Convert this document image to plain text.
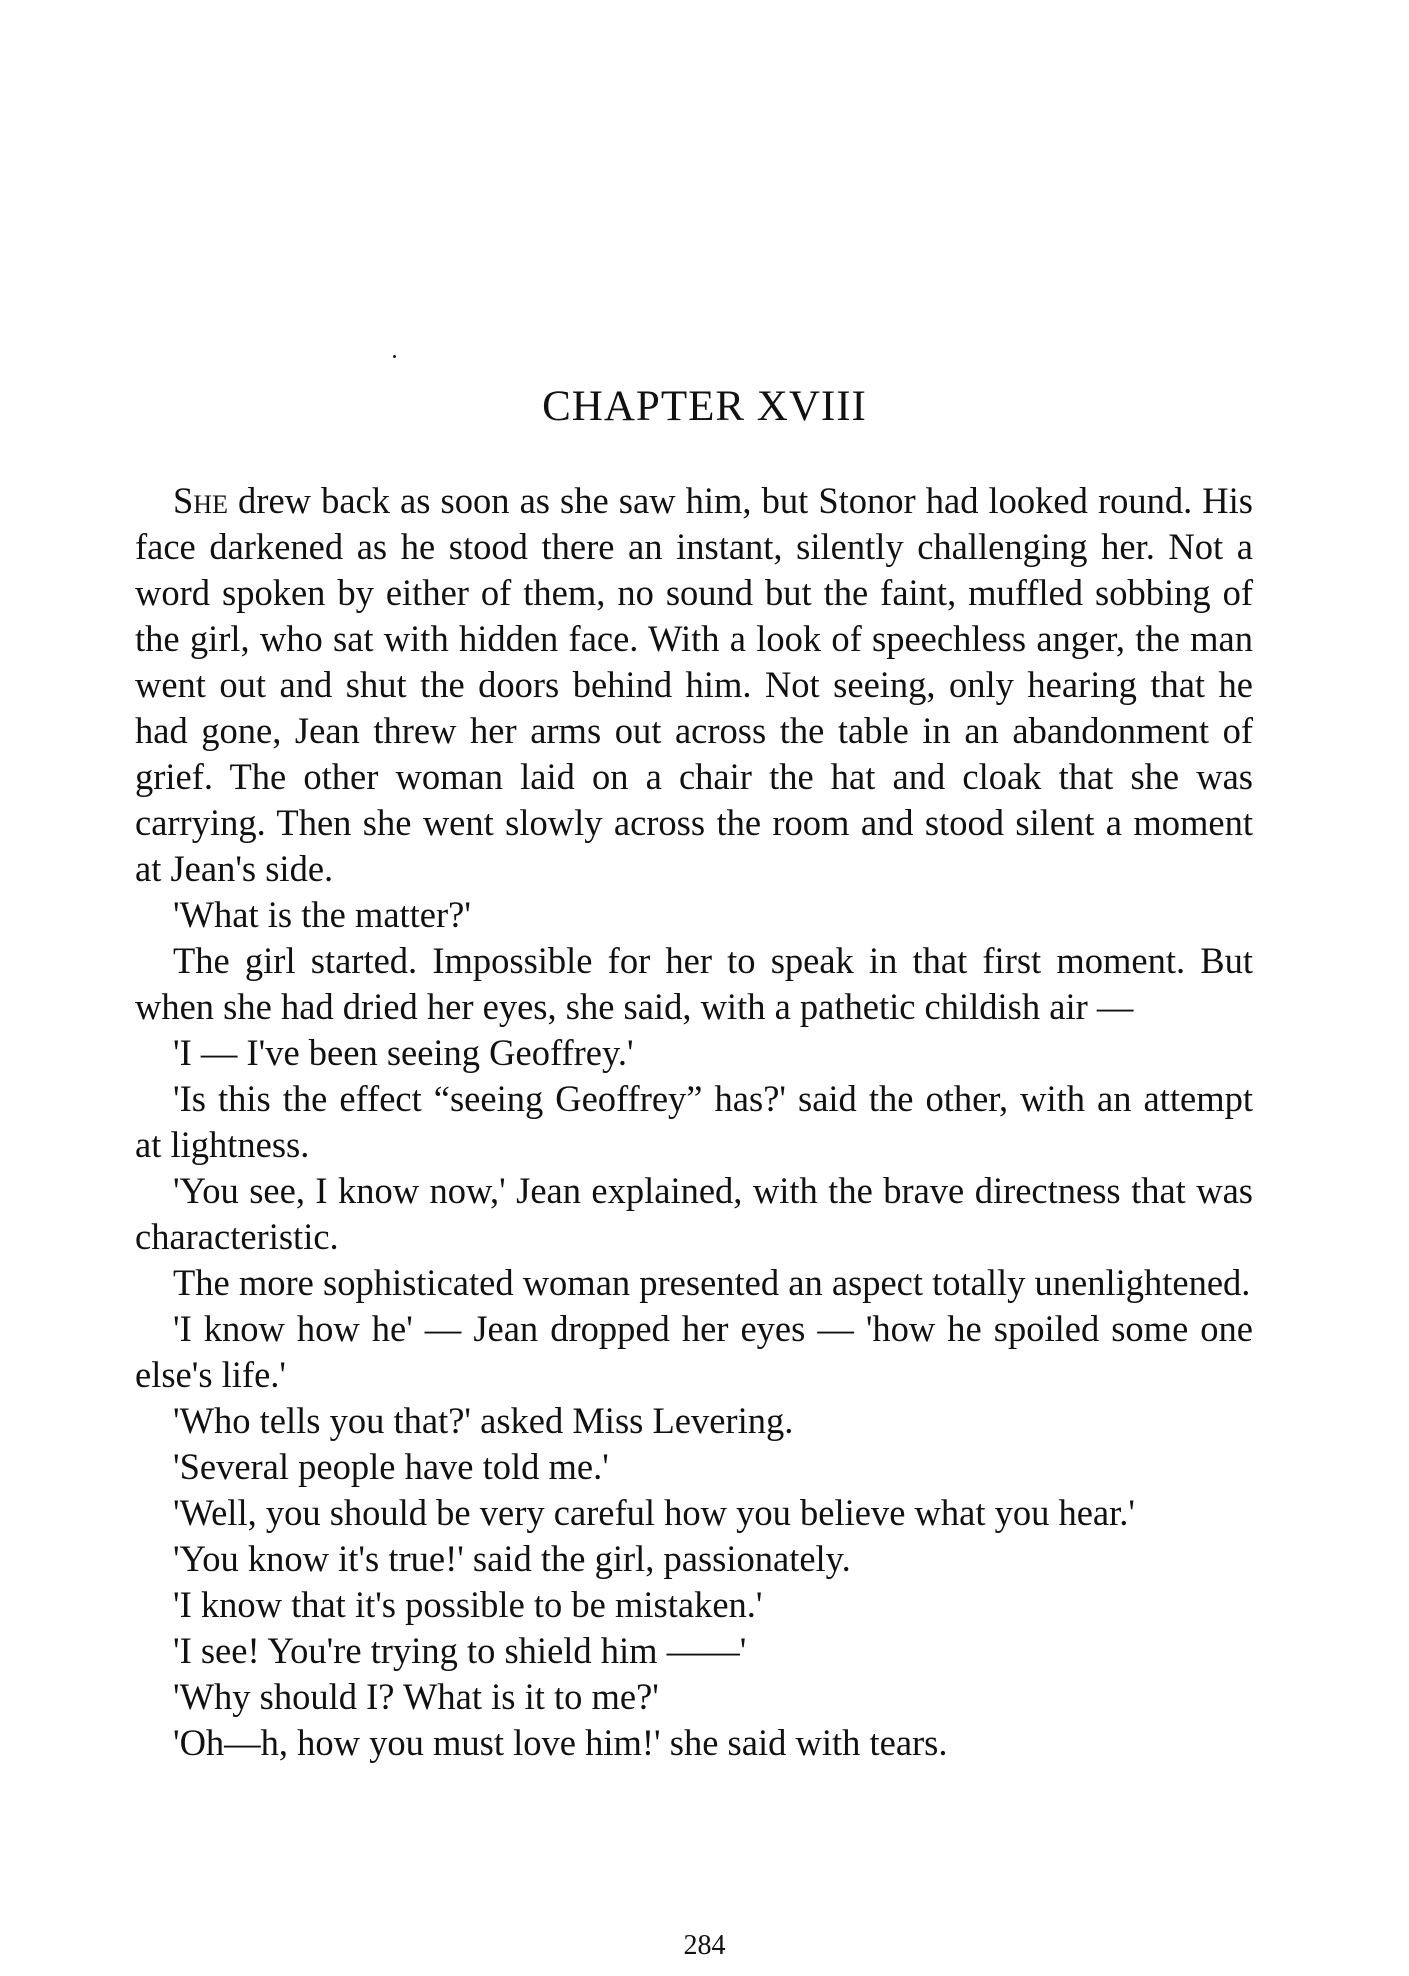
CHAPTER XVIII

She drew back as soon as she saw him, but Stonor had looked round. His face darkened as he stood there an instant, silently challenging her. Not a word spoken by either of them, no sound but the faint, muffled sobbing of the girl, who sat with hidden face. With a look of speechless anger, the man went out and shut the doors behind him. Not seeing, only hearing that he had gone, Jean threw her arms out across the table in an abandonment of grief. The other woman laid on a chair the hat and cloak that she was carrying. Then she went slowly across the room and stood silent a moment at Jean's side.

'What is the matter?'

The girl started. Impossible for her to speak in that first moment. But when she had dried her eyes, she said, with a pathetic childish air —

'I — I've been seeing Geoffrey.'

'Is this the effect “seeing Geoffrey” has?' said the other, with an attempt at lightness.

'You see, I know now,' Jean explained, with the brave directness that was characteristic.

The more sophisticated woman presented an aspect totally unenlightened.

'I know how he' — Jean dropped her eyes — 'how he spoiled some one else's life.'

'Who tells you that?' asked Miss Levering.

'Several people have told me.'

'Well, you should be very careful how you believe what you hear.'

'You know it's true!' said the girl, passionately.

'I know that it's possible to be mistaken.'

'I see! You're trying to shield him ——'

'Why should I? What is it to me?'

'Oh—h, how you must love him!' she said with tears.

284
